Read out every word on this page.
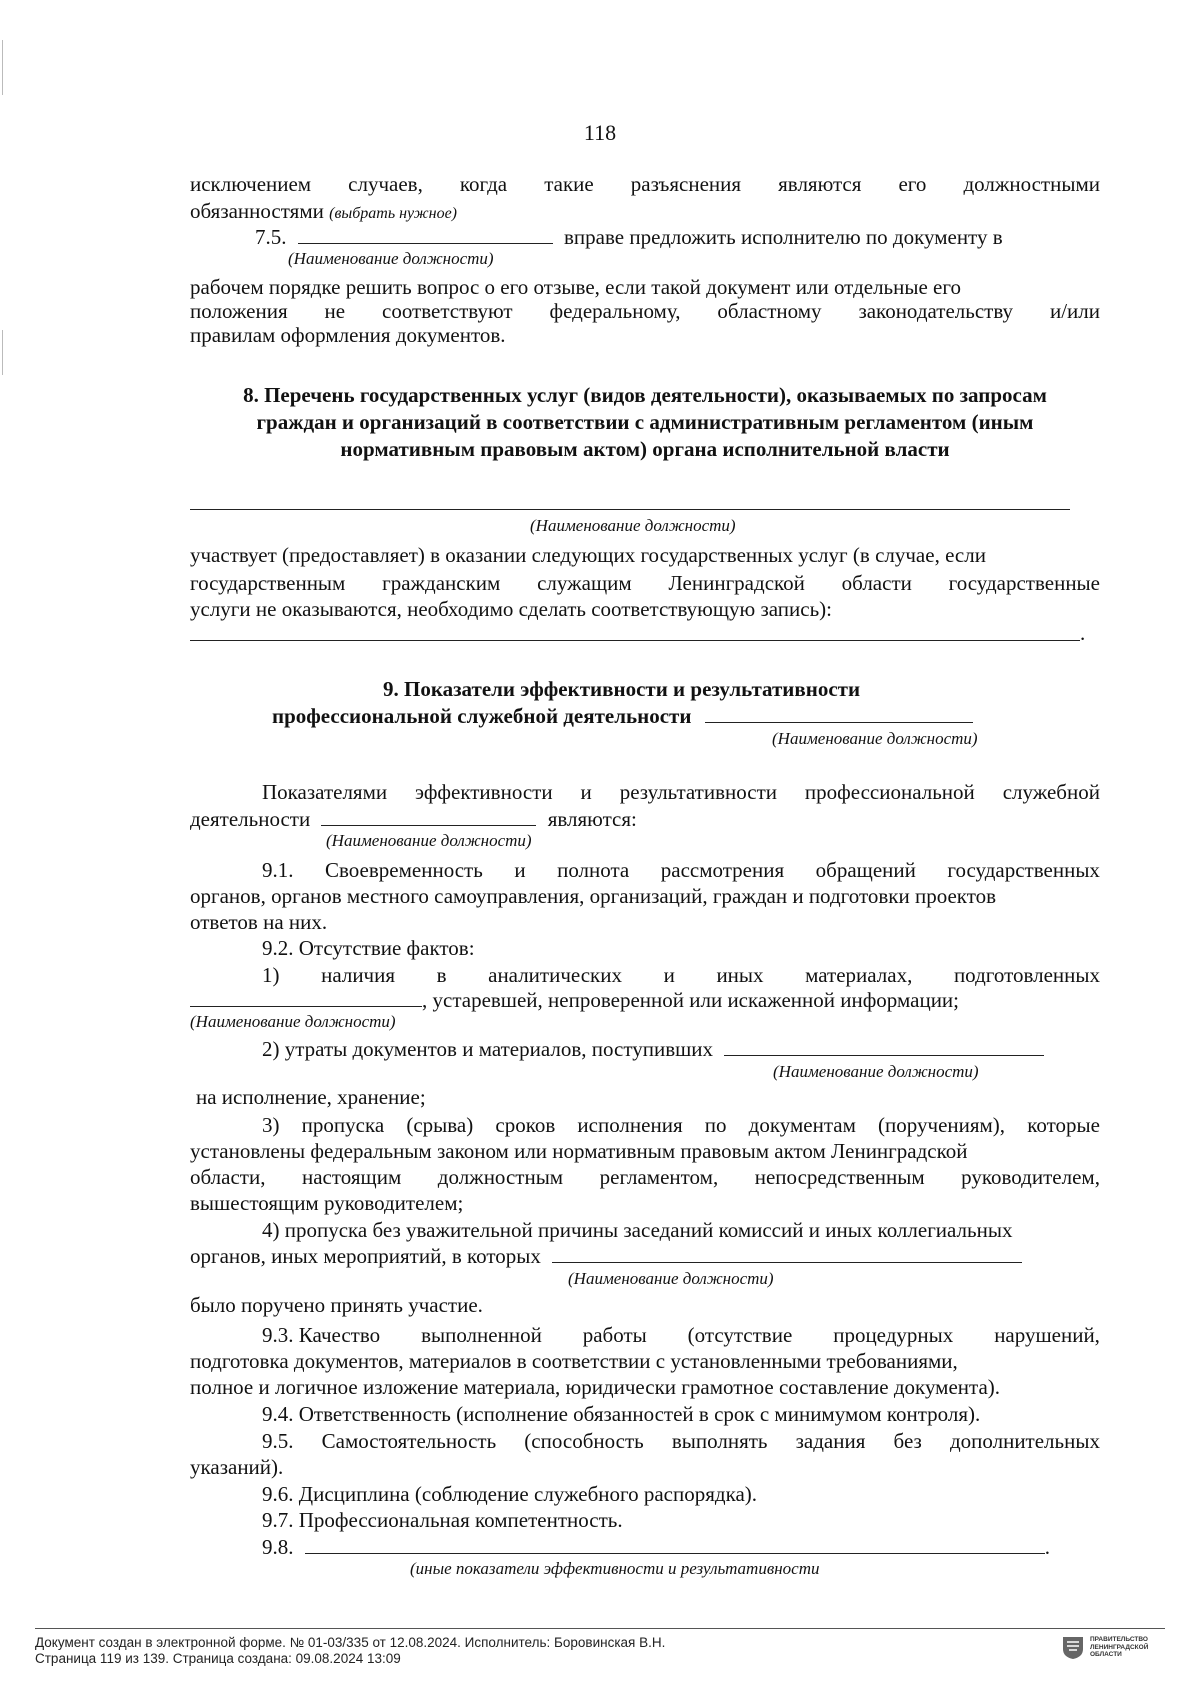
118
исключением случаев, когда такие разъяснения являются его должностными
обязанностями (выбрать нужное)
7.5.	вправе предложить исполнителю по документу в
(Наименование должности)
рабочем порядке решить вопрос о его отзыве, если такой документ или отдельные его
положения не соответствуют федеральному, областному законодательству и/или
правилам оформления документов.
8. Перечень государственных услуг (видов деятельности), оказываемых по запросам
граждан и организаций в соответствии с административным регламентом (иным
нормативным правовым актом) органа исполнительной власти
(Наименование должности)
участвует (предоставляет) в оказании следующих государственных услуг (в случае, если
государственным гражданским служащим Ленинградской области государственные
услуги не оказываются, необходимо сделать соответствующую запись):
.
9. Показатели эффективности и результативности
профессиональной служебной деятельности
(Наименование должности)
Показателями эффективности и результативности профессиональной служебной
деятельности	являются:
(Наименование должности)
9.1. Своевременность и полнота рассмотрения обращений государственных
органов, органов местного самоуправления, организаций, граждан и подготовки проектов
ответов на них.
9.2. Отсутствие фактов:
1) наличия в аналитических и иных материалах, подготовленных
, устаревшей, непроверенной или искаженной информации;
(Наименование должности)
2) утраты документов и материалов, поступивших
(Наименование должности)
на исполнение, хранение;
3) пропуска (срыва) сроков исполнения по документам (поручениям), которые
установлены федеральным законом или нормативным правовым актом Ленинградской
области, настоящим должностным регламентом, непосредственным руководителем,
вышестоящим руководителем;
4) пропуска без уважительной причины заседаний комиссий и иных коллегиальных
органов, иных мероприятий, в которых
(Наименование должности)
было поручено принять участие.
9.3. Качество выполненной работы (отсутствие процедурных нарушений,
подготовка документов, материалов в соответствии с установленными требованиями,
полное и логичное изложение материала, юридически грамотное составление документа).
9.4. Ответственность (исполнение обязанностей в срок с минимумом контроля).
9.5. Самостоятельность (способность выполнять задания без дополнительных
указаний).
9.6. Дисциплина (соблюдение служебного распорядка).
9.7. Профессиональная компетентность.
9.8.	.
(иные показатели эффективности и результативности
Документ создан в электронной форме. № 01-03/335 от 12.08.2024. Исполнитель: Боровинская В.Н.
Страница 119 из 139. Страница создана: 09.08.2024 13:09
ПРАВИТЕЛЬСТВО ЛЕНИНГРАДСКОЙ ОБЛАСТИ
